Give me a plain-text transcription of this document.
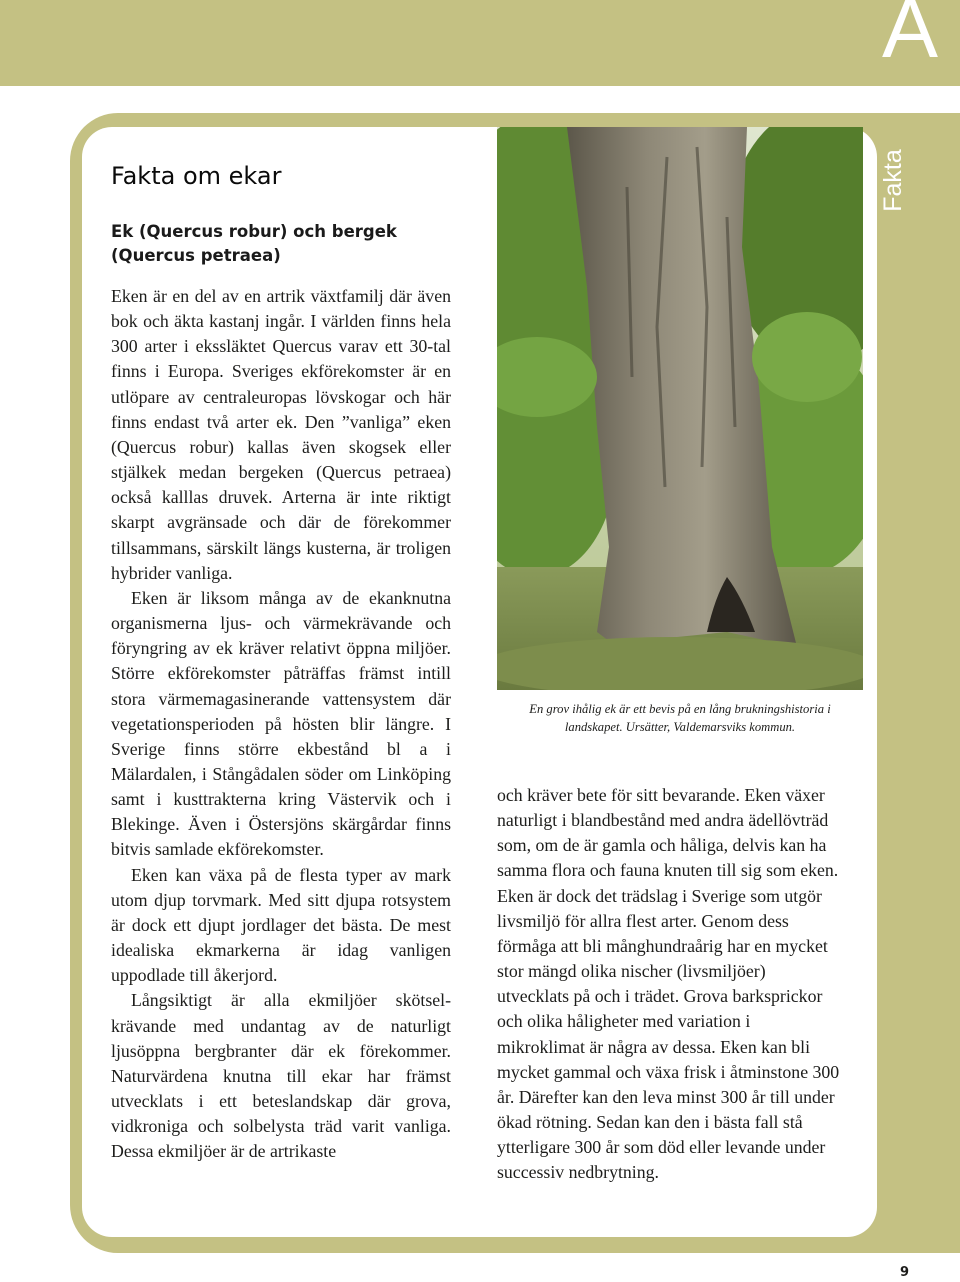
A
Fakta
Fakta om ekar
Ek (Quercus robur) och bergek (Quercus petraea)

Eken är en del av en artrik växtfamilj där även bok och äkta kastanj ingår. I världen finns hela 300 arter i ekssläktet Quercus varav ett 30-tal finns i Europa. Sveriges ekförekomster är en utlöpare av centraleuropas lövskogar och här finns endast två arter ek. Den ”vanliga” eken (Quercus robur) kallas även skogsek eller stjälkek medan bergeken (Quercus petraea) också kalllas druvek. Arterna är inte riktigt skarpt avgränsade och där de förekommer tillsammans, särskilt längs kusterna, är troligen hybrider vanliga.

Eken är liksom många av de ekanknutna organismerna ljus- och värmekrävande och föryngring av ek kräver relativt öppna miljöer. Större ekförekomster påträffas främst intill stora värmemagasinerande vattensystem där vegetationsperioden på hösten blir längre. I Sverige finns större ekbestånd bl a i Mälardalen, i Stångådalen söder om Linköping samt i kusttrakterna kring Västervik och i Blekinge. Även i Östersjöns skärgårdar finns bitvis samlade ekförekomster.

Eken kan växa på de flesta typer av mark utom djup torvmark. Med sitt djupa rotsystem är dock ett djupt jordlager det bästa. De mest idealiska ekmarkerna är idag vanligen uppodlade till åkerjord.

Långsiktigt är alla ekmiljöer skötselkrävande med undantag av de naturligt ljusöppna bergbranter där ek förekommer. Naturvärdena knutna till ekar har främst utvecklats i ett beteslandskap där grova, vidkroniga och solbelysta träd varit vanliga. Dessa ekmiljöer är de artrikaste

En grov ihålig ek är ett bevis på en lång brukningshistoria i landskapet. Ursätter, Valdemarsviks kommun.

och kräver bete för sitt bevarande. Eken växer naturligt i blandbestånd med andra ädellövträd som, om de är gamla och håliga, delvis kan ha samma flora och fauna knuten till sig som eken. Eken är dock det trädslag i Sverige som utgör livsmiljö för allra flest arter. Genom dess förmåga att bli månghundraårig har en mycket stor mängd olika nischer (livsmiljöer) utvecklats på och i trädet. Grova barksprickor och olika håligheter med variation i mikroklimat är några av dessa. Eken kan bli mycket gammal och växa frisk i åtminstone 300 år. Därefter kan den leva minst 300 år till under ökad rötning. Sedan kan den i bästa fall stå ytterligare 300 år som död eller levande under successiv nedbrytning.

9
